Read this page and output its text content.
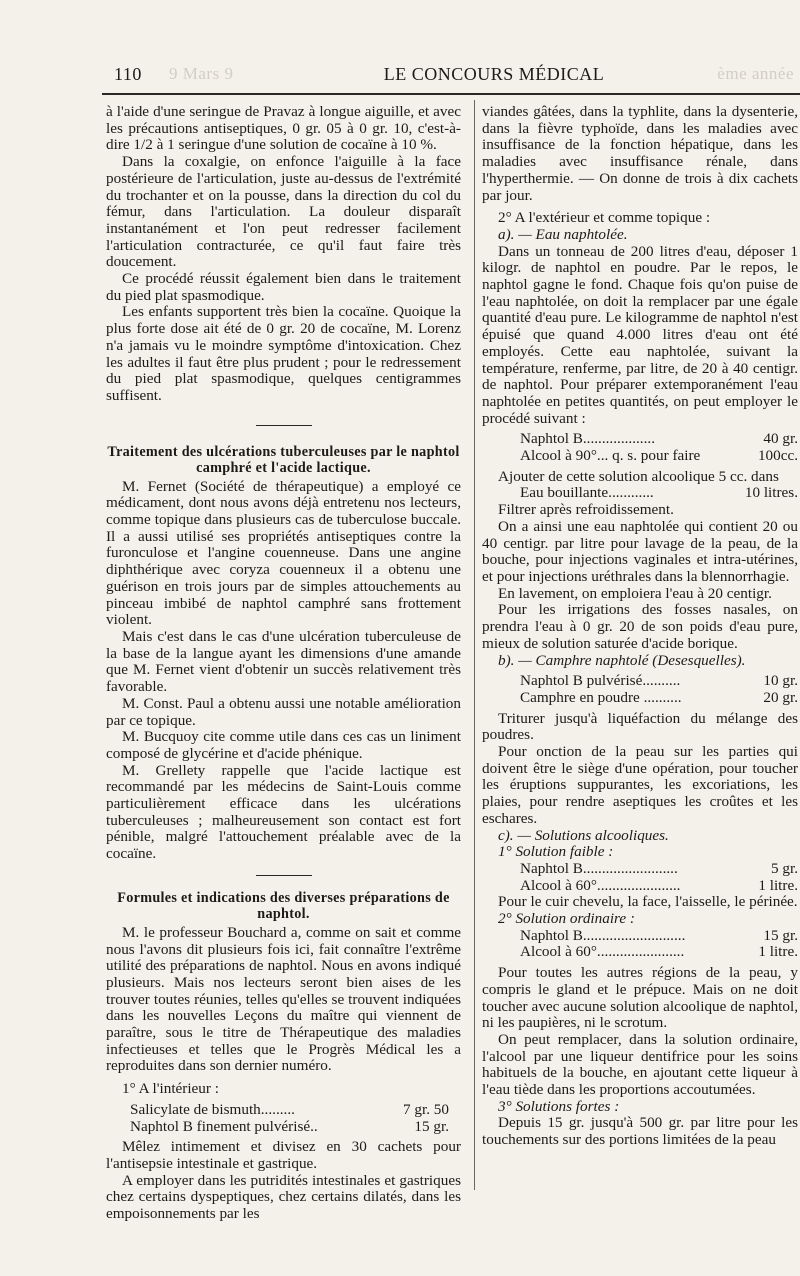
9 Mars 9
110	LE CONCOURS MÉDICAL	ème année

à l'aide d'une seringue de Pravaz à longue aiguille, et avec les précautions antiseptiques, 0 gr. 05 à 0 gr. 10, c'est-à-dire 1/2 à 1 seringue d'une solution de cocaïne à 10 %.

Dans la coxalgie, on enfonce l'aiguille à la face postérieure de l'articulation, juste au-dessus de l'extrémité du trochanter et on la pousse, dans la direction du col du fémur, dans l'articulation. La douleur disparaît instantanément et l'on peut redresser facilement l'articulation contracturée, ce qu'il faut faire très doucement.

Ce procédé réussit également bien dans le traitement du pied plat spasmodique.

Les enfants supportent très bien la cocaïne. Quoique la plus forte dose ait été de 0 gr. 20 de cocaïne, M. Lorenz n'a jamais vu le moindre symptôme d'intoxication. Chez les adultes il faut être plus prudent ; pour le redressement du pied plat spasmodique, quelques centigrammes suffisent.

Traitement des ulcérations tuberculeuses par le naphtol camphré et l'acide lactique.

M. Fernet (Société de thérapeutique) a employé ce médicament, dont nous avons déjà entretenu nos lecteurs, comme topique dans plusieurs cas de tuberculose buccale. Il a aussi utilisé ses propriétés antiseptiques contre la furonculose et l'angine couenneuse. Dans une angine diphthérique avec coryza couenneux il a obtenu une guérison en trois jours par de simples attouchements au pinceau imbibé de naphtol camphré sans frottement violent.

Mais c'est dans le cas d'une ulcération tuberculeuse de la base de la langue ayant les dimensions d'une amande que M. Fernet vient d'obtenir un succès relativement très favorable.

M. Const. Paul a obtenu aussi une notable amélioration par ce topique.

M. Bucquoy cite comme utile dans ces cas un liniment composé de glycérine et d'acide phénique.

M. Grellety rappelle que l'acide lactique est recommandé par les médecins de Saint-Louis comme particulièrement efficace dans les ulcérations tuberculeuses ; malheureusement son contact est fort pénible, malgré l'attouchement préalable avec de la cocaïne.

Formules et indications des diverses préparations de naphtol.

M. le professeur Bouchard a, comme on sait et comme nous l'avons dit plusieurs fois ici, fait connaître l'extrême utilité des préparations de naphtol. Nous en avons indiqué plusieurs. Mais nos lecteurs seront bien aises de les trouver toutes réunies, telles qu'elles se trouvent indiquées dans les nouvelles Leçons du maître qui viennent de paraître, sous le titre de Thérapeutique des maladies infectieuses et telles que le Progrès Médical les a reproduites dans son dernier numéro.

1° A l'intérieur :

Salicylate de bismuth.........	7 gr. 50
Naphtol B finement pulvérisé..	15 gr.

Mêlez intimement et divisez en 30 cachets pour l'antisepsie intestinale et gastrique.

A employer dans les putridités intestinales et gastriques chez certains dyspeptiques, chez certains dilatés, dans les empoisonnements par les

viandes gâtées, dans la typhlite, dans la dysenterie, dans la fièvre typhoïde, dans les maladies avec insuffisance de la fonction hépatique, dans les maladies avec insuffisance rénale, dans l'hyperthermie. — On donne de trois à dix cachets par jour.

2° A l'extérieur et comme topique :

a). — Eau naphtolée.

Dans un tonneau de 200 litres d'eau, déposer 1 kilogr. de naphtol en poudre. Par le repos, le naphtol gagne le fond. Chaque fois qu'on puise de l'eau naphtolée, on doit la remplacer par une égale quantité d'eau pure. Le kilogramme de naphtol n'est épuisé que quand 4.000 litres d'eau ont été employés. Cette eau naphtolée, suivant la température, renferme, par litre, de 20 à 40 centigr. de naphtol. Pour préparer extemporanément l'eau naphtolée en petites quantités, on peut employer le procédé suivant :

Naphtol B...................	40 gr.
Alcool à 90°... q. s. pour faire	100cc.

Ajouter de cette solution alcoolique 5 cc. dans

Eau bouillante............	10 litres.

Filtrer après refroidissement.

On a ainsi une eau naphtolée qui contient 20 ou 40 centigr. par litre pour lavage de la peau, de la bouche, pour injections vaginales et intra-utérines, et pour injections uréthrales dans la blennorrhagie.

En lavement, on emploiera l'eau à 20 centigr.

Pour les irrigations des fosses nasales, on prendra l'eau à 0 gr. 20 de son poids d'eau pure, mieux de solution saturée d'acide borique.

b). — Camphre naphtolé (Desesquelles).

Naphtol B pulvérisé..........	10 gr.
Camphre en poudre ..........	20 gr.

Triturer jusqu'à liquéfaction du mélange des poudres.

Pour onction de la peau sur les parties qui doivent être le siège d'une opération, pour toucher les éruptions suppurantes, les excoriations, les plaies, pour rendre aseptiques les croûtes et les eschares.

c). — Solutions alcooliques.

1° Solution faible :

Naphtol B.........................	5 gr.
Alcool à 60°......................	1 litre.

Pour le cuir chevelu, la face, l'aisselle, le périnée.

2° Solution ordinaire :

Naphtol B...........................	15 gr.
Alcool à 60°.......................	1 litre.

Pour toutes les autres régions de la peau, y compris le gland et le prépuce. Mais on ne doit toucher avec aucune solution alcoolique de naphtol, ni les paupières, ni le scrotum.

On peut remplacer, dans la solution ordinaire, l'alcool par une liqueur dentifrice pour les soins habituels de la bouche, en ajoutant cette liqueur à l'eau tiède dans les proportions accoutumées.

3° Solutions fortes :

Depuis 15 gr. jusqu'à 500 gr. par litre pour les touchements sur des portions limitées de la peau
